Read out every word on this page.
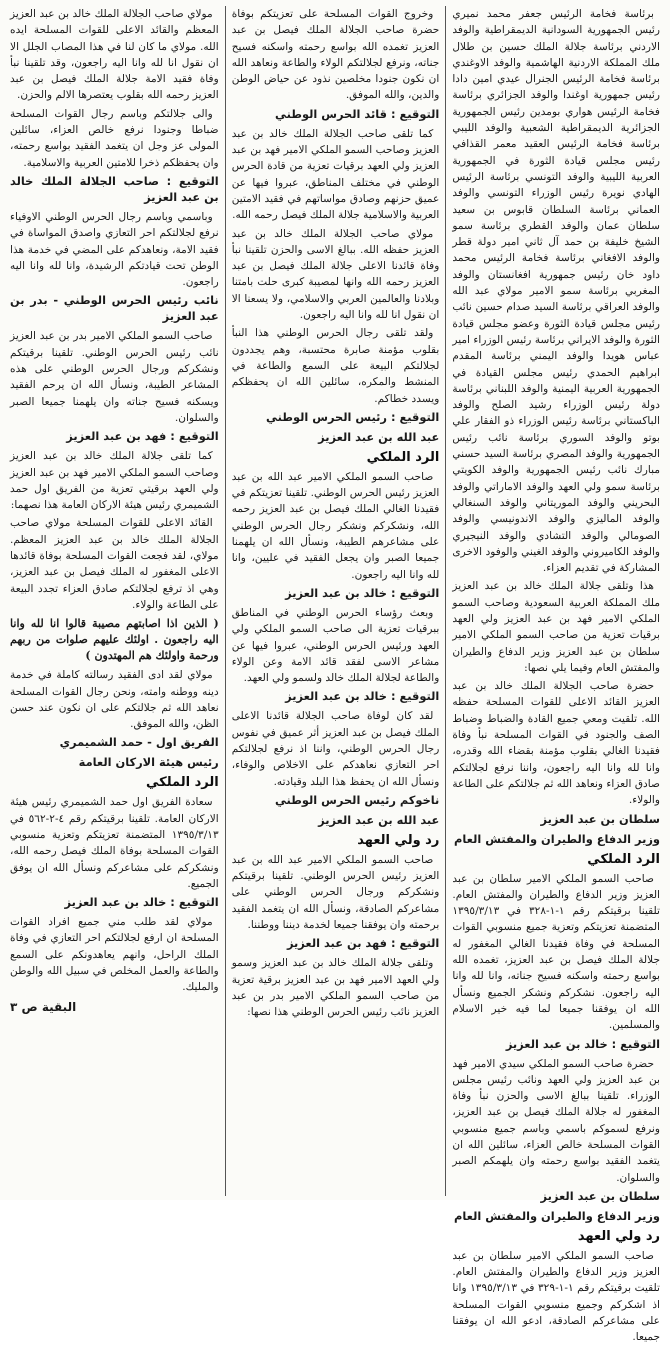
برئاسة فخامة الرئيس جعفر محمد نميري رئيس الجمهورية السودانية الديمقراطية والوفد الاردني برئاسة جلالة الملك حسين بن طلال ملك المملكة الاردنية الهاشمية والوفد الاوغندي برئاسة فخامة الرئيس الجنرال عيدي امين دادا رئيس جمهورية اوغندا والوفد الجزائري برئاسة فخامة الرئيس هواري بومدين رئيس الجمهورية الجزائرية الديمقراطية الشعبية والوفد الليبي برئاسة فخامة الرئيس العقيد معمر القذافي رئيس مجلس قيادة الثورة في الجمهورية العربية الليبية والوفد التونسي برئاسة الرئيس الهادي نويرة رئيس الوزراء التونسي والوفد العماني برئاسة السلطان قابوس بن سعيد سلطان عمان والوفد القطري برئاسة سمو الشيخ خليفة بن حمد آل ثاني امير دولة قطر والوفد الافغاني برئاسة فخامة الرئيس محمد داود خان رئيس جمهورية افغانستان والوفد المغربي برئاسة سمو الامير مولاي عبد الله والوفد العراقي برئاسة السيد صدام حسين نائب رئيس مجلس قيادة الثورة وعضو مجلس قيادة الثورة والوفد الايراني برئاسة رئيس الوزراء امير عباس هويدا والوفد اليمني برئاسة المقدم ابراهيم الحمدي رئيس مجلس القيادة في الجمهورية العربية اليمنية والوفد اللبناني برئاسة دولة رئيس الوزراء رشيد الصلح والوفد الباكستاني برئاسة رئيس الوزراء ذو الفقار علي بوتو والوفد السوري برئاسة نائب رئيس الجمهورية والوفد المصري برئاسة السيد حسني مبارك نائب رئيس الجمهورية والوفد الكويتي برئاسة سمو ولي العهد والوفد الاماراتي والوفد البحريني والوفد الموريتاني والوفد السنغالي والوفد الماليزي والوفد الاندونيسي والوفد الصومالي والوفد التشادي والوفد النيجيري والوفد الكاميروني والوفد الغيني والوفود الاخرى المشاركة في تقديم العزاء.
هذا وتلقى جلالة الملك خالد بن عبد العزيز ملك المملكة العربية السعودية وصاحب السمو الملكي الامير فهد بن عبد العزيز ولي العهد برقيات تعزية من صاحب السمو الملكي الامير سلطان بن عبد العزيز وزير الدفاع والطيران والمفتش العام وفيما يلي نصها:
حضرة صاحب الجلالة الملك خالد بن عبد العزيز القائد الاعلى للقوات المسلحة حفظه الله. تلقيت ومعي جميع القادة والضباط وضباط الصف والجنود في القوات المسلحة نبأ وفاة فقيدنا الغالي بقلوب مؤمنة بقضاء الله وقدره، وانا لله وانا اليه راجعون، واننا نرفع لجلالتكم صادق العزاء ونعاهد الله ثم جلالتكم على الطاعة والولاء.
سلطان بن عبد العزيز
وزير الدفاع والطيران والمفتش العام
الرد الملكي
صاحب السمو الملكي الامير سلطان بن عبد العزيز وزير الدفاع والطيران والمفتش العام. تلقينا برقيتكم رقم ١-١-٣٢٨ في ١٣٩٥/٣/١٣ المتضمنة تعزيتكم وتعزية جميع منسوبي القوات المسلحة في وفاة فقيدنا الغالي المغفور له جلالة الملك فيصل بن عبد العزيز، تغمده الله بواسع رحمته واسكنه فسيح جناته، وانا لله وانا اليه راجعون. نشكركم ونشكر الجميع ونسأل الله ان يوفقنا جميعا لما فيه خير الاسلام والمسلمين.
التوقيع : خالد بن عبد العزيز
حضرة صاحب السمو الملكي سيدي الامير فهد بن عبد العزيز ولي العهد ونائب رئيس مجلس الوزراء. تلقينا ببالغ الاسى والحزن نبأ وفاة المغفور له جلالة الملك فيصل بن عبد العزيز، ونرفع لسموكم باسمي وباسم جميع منسوبي القوات المسلحة خالص العزاء، سائلين الله ان يتغمد الفقيد بواسع رحمته وان يلهمكم الصبر والسلوان.
سلطان بن عبد العزيز
وزير الدفاع والطيران والمفتش العام
رد ولي العهد
صاحب السمو الملكي الامير سلطان بن عبد العزيز وزير الدفاع والطيران والمفتش العام. تلقيت برقيتكم رقم ١-١-٣٢٩ في ١٣٩٥/٣/١٣ وانا اذ اشكركم وجميع منسوبي القوات المسلحة على مشاعركم الصادقة، ادعو الله ان يوفقنا جميعا.
وخروج القوات المسلحة على تعزيتكم بوفاة حضرة صاحب الجلالة الملك فيصل بن عبد العزيز تغمده الله بواسع رحمته واسكنه فسيح جناته، ونرفع لجلالتكم الولاء والطاعة ونعاهد الله ان نكون جنودا مخلصين نذود عن حياض الوطن والدين، والله الموفق.
التوقيع : قائد الحرس الوطني
كما تلقى صاحب الجلالة الملك خالد بن عبد العزيز وصاحب السمو الملكي الامير فهد بن عبد العزيز ولي العهد برقيات تعزية من قادة الحرس الوطني في مختلف المناطق، عبروا فيها عن عميق حزنهم وصادق مواساتهم في فقيد الامتين العربية والاسلامية جلالة الملك فيصل رحمه الله.
مولاي صاحب الجلالة الملك خالد بن عبد العزيز حفظه الله. ببالغ الاسى والحزن تلقينا نبأ وفاة قائدنا الاعلى جلالة الملك فيصل بن عبد العزيز رحمه الله وانها لمصيبة كبرى حلت بامتنا وبلادنا والعالمين العربي والاسلامي، ولا يسعنا الا ان نقول انا لله وانا اليه راجعون.
ولقد تلقى رجال الحرس الوطني هذا النبأ بقلوب مؤمنة صابرة محتسبة، وهم يجددون لجلالتكم البيعة على السمع والطاعة في المنشط والمكره، سائلين الله ان يحفظكم ويسدد خطاكم.
التوقيع : رئيس الحرس الوطني
عبد الله بن عبد العزيز
الرد الملكي
صاحب السمو الملكي الامير عبد الله بن عبد العزيز رئيس الحرس الوطني. تلقينا تعزيتكم في فقيدنا الغالي الملك فيصل بن عبد العزيز رحمه الله، ونشكركم ونشكر رجال الحرس الوطني على مشاعرهم الطيبة، ونسأل الله ان يلهمنا جميعا الصبر وان يجعل الفقيد في عليين، وانا لله وانا اليه راجعون.
التوقيع : خالد بن عبد العزيز
وبعث رؤساء الحرس الوطني في المناطق ببرقيات تعزية الى صاحب السمو الملكي ولي العهد ورئيس الحرس الوطني، عبروا فيها عن مشاعر الاسى لفقد قائد الامة وعن الولاء والطاعة لجلالة الملك خالد ولسمو ولي العهد.
التوقيع : خالد بن عبد العزيز
لقد كان لوفاة صاحب الجلالة قائدنا الاعلى الملك فيصل بن عبد العزيز أثر عميق في نفوس رجال الحرس الوطني، واننا اذ نرفع لجلالتكم احر التعازي نعاهدكم على الاخلاص والوفاء، ونسأل الله ان يحفظ هذا البلد وقيادته.
ناخوكم رئيس الحرس الوطني
عبد الله بن عبد العزيز
رد ولي العهد
صاحب السمو الملكي الامير عبد الله بن عبد العزيز رئيس الحرس الوطني. تلقينا برقيتكم ونشكركم ورجال الحرس الوطني على مشاعركم الصادقة، ونسأل الله ان يتغمد الفقيد برحمته وان يوفقنا جميعا لخدمة ديننا ووطننا.
التوقيع : فهد بن عبد العزيز
وتلقى جلالة الملك خالد بن عبد العزيز وسمو ولي العهد الامير فهد بن عبد العزيز برقية تعزية من صاحب السمو الملكي الامير بدر بن عبد العزيز نائب رئيس الحرس الوطني هذا نصها:
مولاي صاحب الجلالة الملك خالد بن عبد العزيز المعظم والقائد الاعلى للقوات المسلحة ايده الله. مولاي ما كان لنا في هذا المصاب الجلل الا ان نقول انا لله وانا اليه راجعون، وقد تلقينا نبأ وفاة فقيد الامة جلالة الملك فيصل بن عبد العزيز رحمه الله بقلوب يعتصرها الالم والحزن.
والى جلالتكم وباسم رجال القوات المسلحة ضباطا وجنودا نرفع خالص العزاء، سائلين المولى عز وجل ان يتغمد الفقيد بواسع رحمته، وان يحفظكم ذخرا للامتين العربية والاسلامية.
التوقيع : صاحب الجلالة الملك خالد بن عبد العزيز
وباسمي وباسم رجال الحرس الوطني الاوفياء نرفع لجلالتكم احر التعازي واصدق المواساة في فقيد الامة، ونعاهدكم على المضي في خدمة هذا الوطن تحت قيادتكم الرشيدة، وانا لله وانا اليه راجعون.
نائب رئيس الحرس الوطني - بدر بن عبد العزيز
صاحب السمو الملكي الامير بدر بن عبد العزيز نائب رئيس الحرس الوطني. تلقينا برقيتكم ونشكركم ورجال الحرس الوطني على هذه المشاعر الطيبة، ونسأل الله ان يرحم الفقيد ويسكنه فسيح جناته وان يلهمنا جميعا الصبر والسلوان.
التوقيع : فهد بن عبد العزيز
كما تلقى جلالة الملك خالد بن عبد العزيز وصاحب السمو الملكي الامير فهد بن عبد العزيز ولي العهد برقيتي تعزية من الفريق اول حمد الشميمري رئيس هيئة الاركان العامة هذا نصهما:
القائد الاعلى للقوات المسلحة مولاي صاحب الجلالة الملك خالد بن عبد العزيز المعظم. مولاي، لقد فجعت القوات المسلحة بوفاة قائدها الاعلى المغفور له الملك فيصل بن عبد العزيز، وهي اذ ترفع لجلالتكم صادق العزاء تجدد البيعة على الطاعة والولاء.
( الذين اذا اصابتهم مصيبة قالوا انا لله وانا اليه راجعون . اولئك عليهم صلوات من ربهم ورحمة واولئك هم المهتدون )
مولاي لقد ادى الفقيد رسالته كاملة في خدمة دينه ووطنه وامته، ونحن رجال القوات المسلحة نعاهد الله ثم جلالتكم على ان نكون عند حسن الظن، والله الموفق.
الفريق اول - حمد الشميمري
رئيس هيئة الاركان العامة
الرد الملكي
سعادة الفريق اول حمد الشميمري رئيس هيئة الاركان العامة. تلقينا برقيتكم رقم ٤-٢-٥٦٢ في ١٣٩٥/٣/١٣ المتضمنة تعزيتكم وتعزية منسوبي القوات المسلحة بوفاة الملك فيصل رحمه الله، ونشكركم على مشاعركم ونسأل الله ان يوفق الجميع.
التوقيع : خالد بن عبد العزيز
مولاي لقد طلب مني جميع افراد القوات المسلحة ان ارفع لجلالتكم احر التعازي في وفاة الملك الراحل، وانهم يعاهدونكم على السمع والطاعة والعمل المخلص في سبيل الله والوطن والمليك.
البقية ص ٣
